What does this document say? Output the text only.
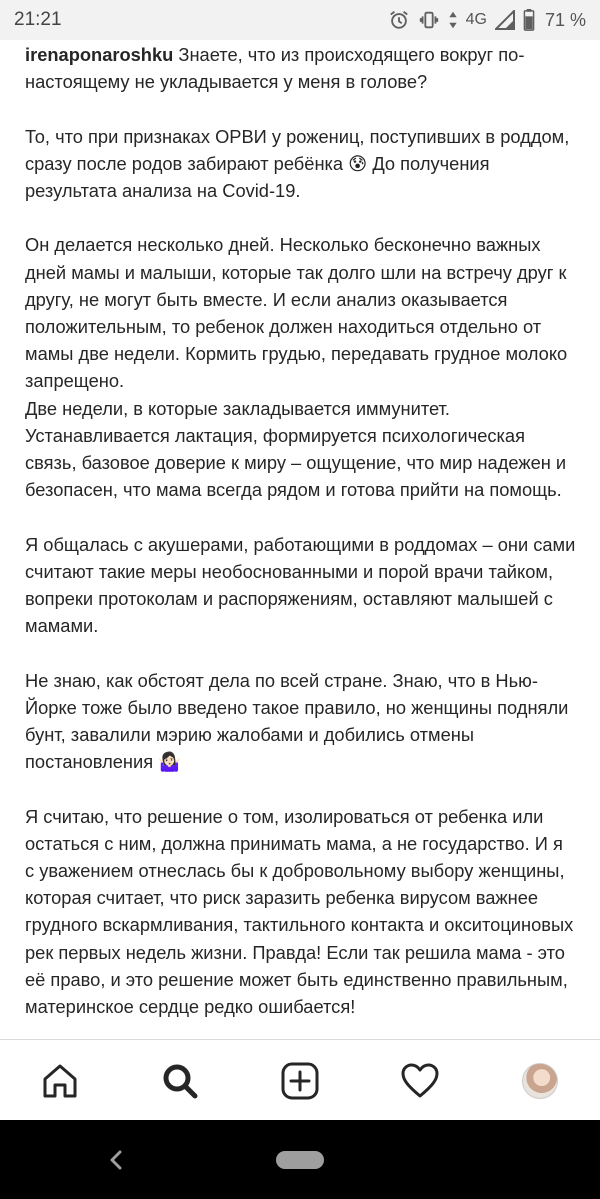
21:21	4G	71 %

irenaponaroshku Знаете, что из происходящего вокруг по-настоящему не укладывается у меня в голове?

То, что при признаках ОРВИ у рожениц, поступивших в роддом, сразу после родов забирают ребёнка 😰 До получения результата анализа на Covid-19.

Он делается несколько дней. Несколько бесконечно важных дней мамы и малыши, которые так долго шли на встречу друг к другу, не могут быть вместе. И если анализ оказывается положительным, то ребенок должен находиться отдельно от мамы две недели. Кормить грудью, передавать грудное молоко запрещено.
Две недели, в которые закладывается иммунитет. Устанавливается лактация, формируется психологическая связь, базовое доверие к миру – ощущение, что мир надежен и безопасен, что мама всегда рядом и готова прийти на помощь.

Я общалась с акушерами, работающими в роддомах – они сами считают такие меры необоснованными и порой врачи тайком, вопреки протоколам и распоряжениям, оставляют малышей с мамами.

Не знаю, как обстоят дела по всей стране. Знаю, что в Нью-Йорке тоже было введено такое правило, но женщины подняли бунт, завалили мэрию жалобами и добились отмены постановления 🤷🏻‍♀️

Я считаю, что решение о том, изолироваться от ребенка или остаться с ним, должна принимать мама, а не государство. И я с уважением отнеслась бы к добровольному выбору женщины, которая считает, что риск заразить ребенка вирусом важнее грудного вскармливания, тактильного контакта и окситоциновых рек первых недель жизни. Правда! Если так решила мама - это её право, и это решение может быть единственно правильным, материнское сердце редко ошибается!
